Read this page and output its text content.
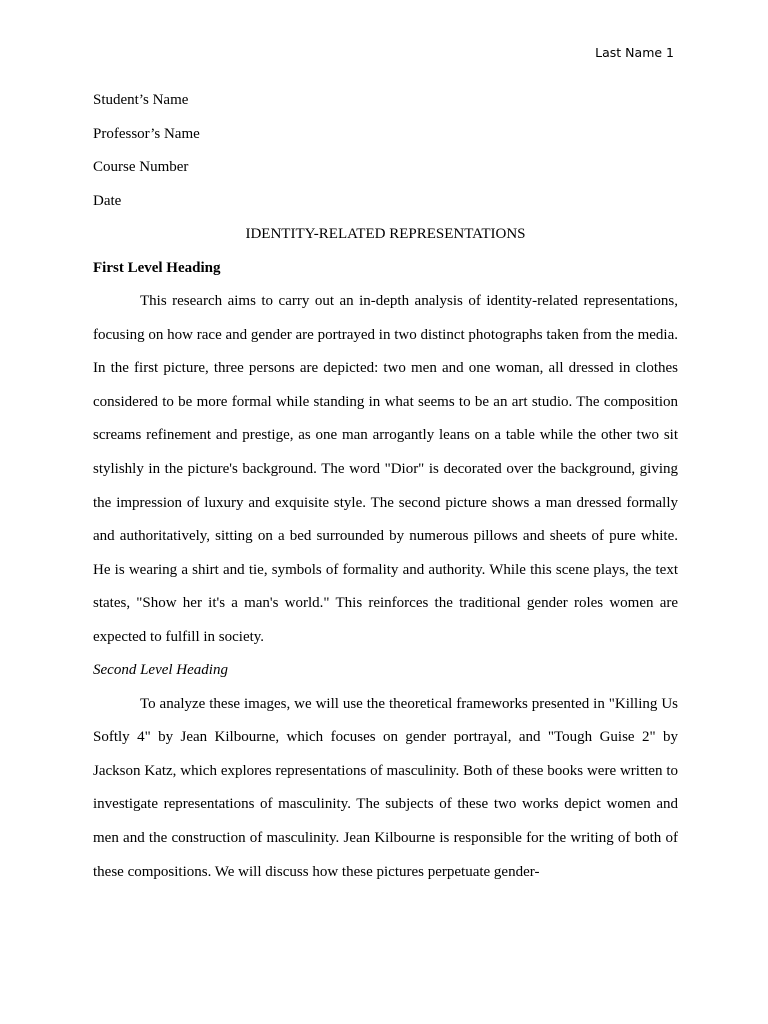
Last Name 1
Student’s Name
Professor’s Name
Course Number
Date
IDENTITY-RELATED REPRESENTATIONS
First Level Heading

This research aims to carry out an in-depth analysis of identity-related representations, focusing on how race and gender are portrayed in two distinct photographs taken from the media. In the first picture, three persons are depicted: two men and one woman, all dressed in clothes considered to be more formal while standing in what seems to be an art studio. The composition screams refinement and prestige, as one man arrogantly leans on a table while the other two sit stylishly in the picture's background. The word "Dior" is decorated over the background, giving the impression of luxury and exquisite style. The second picture shows a man dressed formally and authoritatively, sitting on a bed surrounded by numerous pillows and sheets of pure white. He is wearing a shirt and tie, symbols of formality and authority. While this scene plays, the text states, "Show her it's a man's world." This reinforces the traditional gender roles women are expected to fulfill in society.

Second Level Heading

To analyze these images, we will use the theoretical frameworks presented in "Killing Us Softly 4" by Jean Kilbourne, which focuses on gender portrayal, and "Tough Guise 2" by Jackson Katz, which explores representations of masculinity. Both of these books were written to investigate representations of masculinity. The subjects of these two works depict women and men and the construction of masculinity. Jean Kilbourne is responsible for the writing of both of these compositions. We will discuss how these pictures perpetuate gender-
